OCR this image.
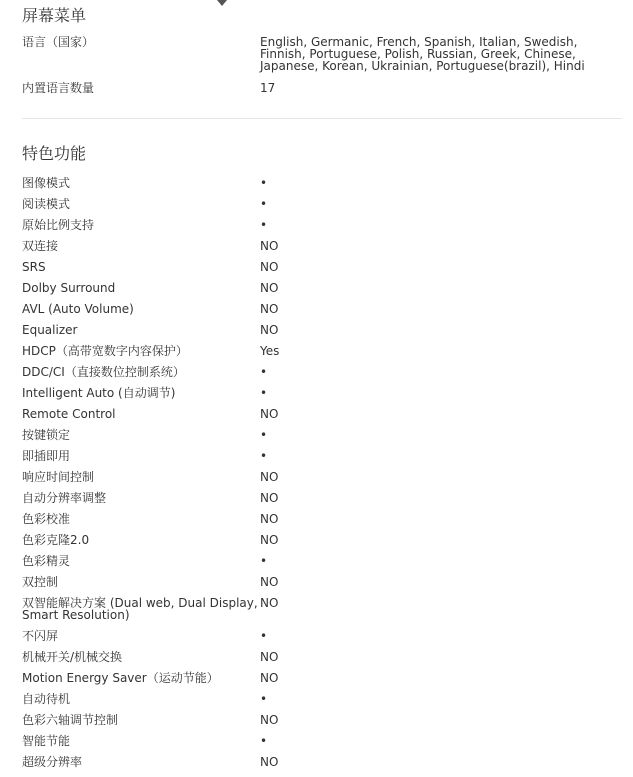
屏幕菜单
语言（国家）	English, Germanic, French, Spanish, Italian, Swedish, Finnish, Portuguese, Polish, Russian, Greek, Chinese, Japanese, Korean, Ukrainian, Portuguese(brazil), Hindi
内置语言数量	17
特色功能
图像模式	•
阅读模式	•
原始比例支持	•
双连接	NO
SRS	NO
Dolby Surround	NO
AVL (Auto Volume)	NO
Equalizer	NO
HDCP（高带宽数字内容保护）	Yes
DDC/CI（直接数位控制系统）	•
Intelligent Auto (自动调节)	•
Remote Control	NO
按键锁定	•
即插即用	•
响应时间控制	NO
自动分辨率调整	NO
色彩校准	NO
色彩克隆2.0	NO
色彩精灵	•
双控制	NO
双智能解决方案 (Dual web, Dual Display, Smart Resolution)	NO
不闪屏	•
机械开关/机械交换	NO
Motion Energy Saver（运动节能）	NO
自动待机	•
色彩六轴调节控制	NO
智能节能	•
超级分辨率	NO
